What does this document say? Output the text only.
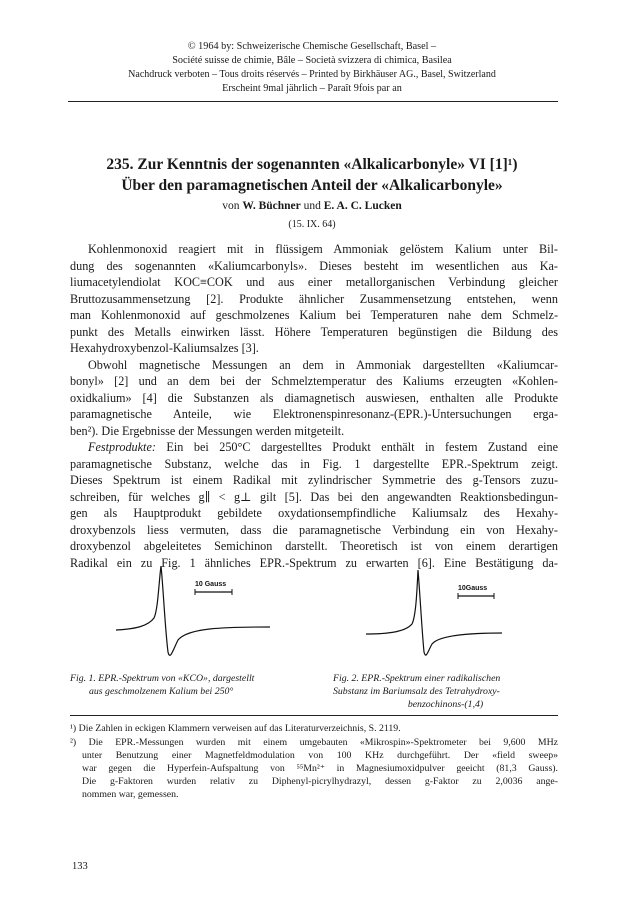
© 1964 by: Schweizerische Chemische Gesellschaft, Basel –
Société suisse de chimie, Bâle – Società svizzera di chimica, Basilea
Nachdruck verboten – Tous droits réservés – Printed by Birkhäuser AG., Basel, Switzerland
Erscheint 9mal jährlich – Paraît 9fois par an
235. Zur Kenntnis der sogenannten «Alkalicarbonyle» VI [1]¹)
Über den paramagnetischen Anteil der «Alkalicarbonyle»
von W. Büchner und E. A. C. Lucken
(15. IX. 64)
Kohlenmonoxid reagiert mit in flüssigem Ammoniak gelöstem Kalium unter Bil-
dung des sogenannten «Kaliumcarbonyls». Dieses besteht im wesentlichen aus Ka-
liumacetylendiolat KOC≡COK und aus einer metallorganischen Verbindung gleicher
Bruttozusammensetzung [2]. Produkte ähnlicher Zusammensetzung entstehen, wenn
man Kohlenmonoxid auf geschmolzenes Kalium bei Temperaturen nahe dem Schmelz-
punkt des Metalls einwirken lässt. Höhere Temperaturen begünstigen die Bildung des
Hexahydroxybenzol-Kaliumsalzes [3].
Obwohl magnetische Messungen an dem in Ammoniak dargestellten «Kaliumcar-
bonyl» [2] und an dem bei der Schmelztemperatur des Kaliums erzeugten «Kohlen-
oxidkalium» [4] die Substanzen als diamagnetisch auswiesen, enthalten alle Produkte
paramagnetische Anteile, wie Elektronenspinresonanz-(EPR.)-Untersuchungen erga-
ben²). Die Ergebnisse der Messungen werden mitgeteilt.
Festprodukte: Ein bei 250°C dargestelltes Produkt enthält in festem Zustand eine
paramagnetische Substanz, welche das in Fig. 1 dargestellte EPR.-Spektrum zeigt.
Dieses Spektrum ist einem Radikal mit zylindrischer Symmetrie des g-Tensors zuzu-
schreiben, für welches g∥ < g⊥ gilt [5]. Das bei den angewandten Reaktionsbedingun-
gen als Hauptprodukt gebildete oxydationsempfindliche Kaliumsalz des Hexahy-
droxybenzols liess vermuten, dass die paramagnetische Verbindung ein von Hexahy-
droxybenzol abgeleitetes Semichinon darstellt. Theoretisch ist von einem derartigen
Radikal ein zu Fig. 1 ähnliches EPR.-Spektrum zu erwarten [6]. Eine Bestätigung da-
10 Gauss
10Gauss
Fig. 1. EPR.-Spektrum von «KCO», dargestellt
aus geschmolzenem Kalium bei 250°
Fig. 2. EPR.-Spektrum einer radikalischen
Substanz im Bariumsalz des Tetrahydroxy-
benzochinons-(1,4)
¹) Die Zahlen in eckigen Klammern verweisen auf das Literaturverzeichnis, S. 2119.
²) Die EPR.-Messungen wurden mit einem umgebauten «Mikrospin»-Spektrometer bei 9,600 MHz
unter Benutzung einer Magnetfeldmodulation von 100 KHz durchgeführt. Der «field sweep»
war gegen die Hyperfein-Aufspaltung von ⁵⁵Mn²⁺ in Magnesiumoxidpulver geeicht (81,3 Gauss).
Die g-Faktoren wurden relativ zu Diphenyl-picrylhydrazyl, dessen g-Faktor zu 2,0036 ange-
nommen war, gemessen.
133
